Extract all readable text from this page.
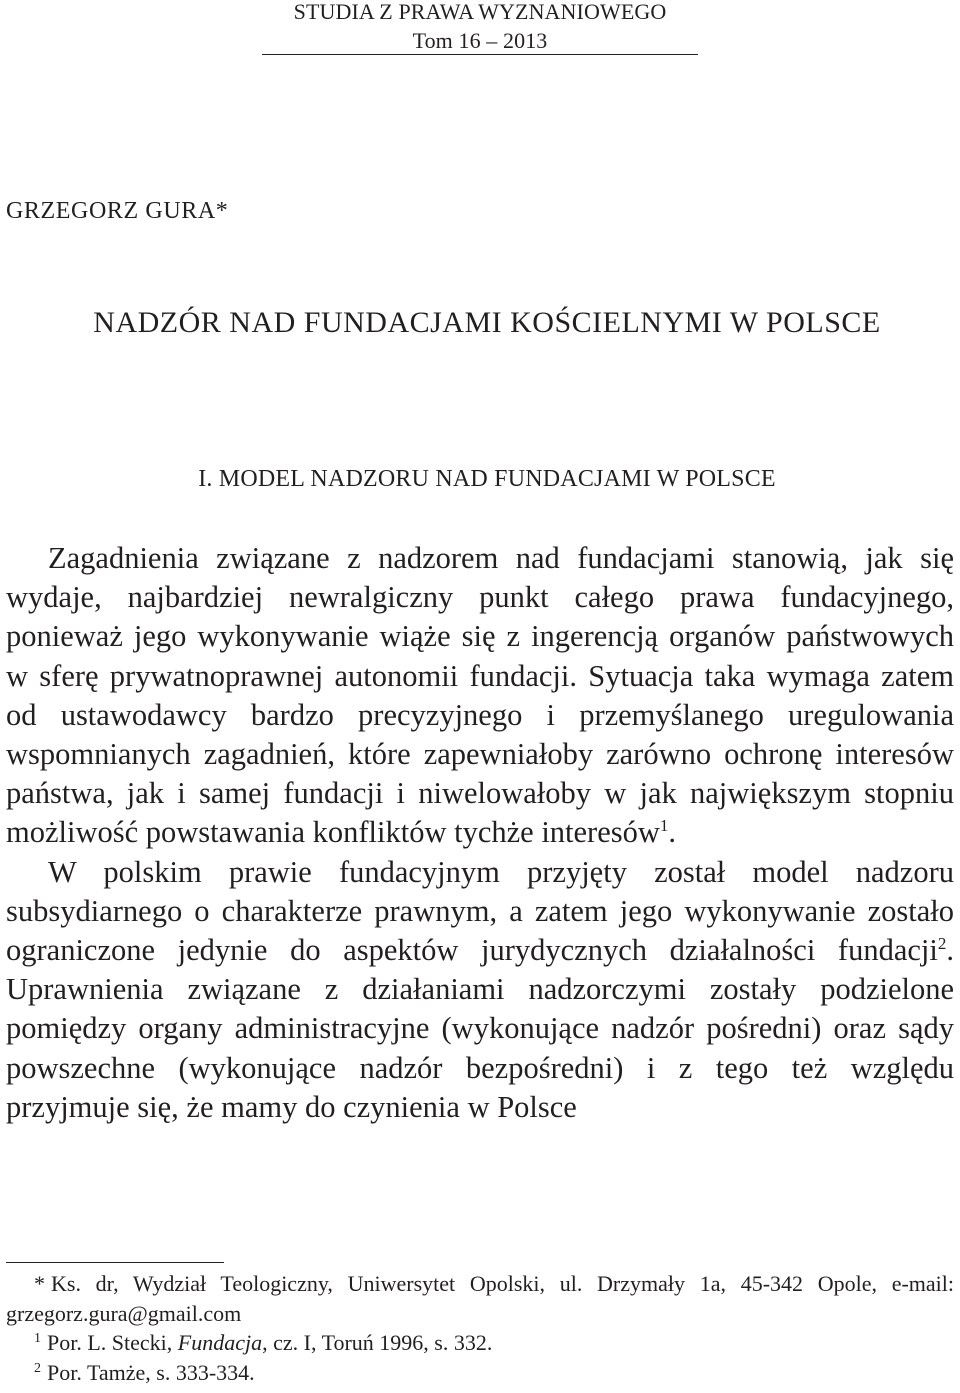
STUDIA Z PRAWA WYZNANIOWEGO
Tom 16 – 2013
GRZEGORZ GURA*
NADZÓR NAD FUNDACJAMI KOŚCIELNYMI W POLSCE
I. MODEL NADZORU NAD FUNDACJAMI W POLSCE

Zagadnienia związane z nadzorem nad fundacjami stanowią, jak się wydaje, najbardziej newralgiczny punkt całego prawa fundacyjnego, ponieważ jego wykonywanie wiąże się z ingerencją organów państwowych w sferę prywatnoprawnej autonomii fundacji. Sytuacja taka wymaga zatem od ustawodawcy bardzo precyzyjnego i przemyślanego uregulowania wspomnianych zagadnień, które zapewniałoby zarówno ochronę interesów państwa, jak i samej fundacji i niwelowałoby w jak największym stopniu możliwość powstawania konfliktów tychże interesów$^1$.

W polskim prawie fundacyjnym przyjęty został model nadzoru subsydiarnego o charakterze prawnym, a zatem jego wykonywanie zostało ograniczone jedynie do aspektów jurydycznych działalności fundacji$^2$. Uprawnienia związane z działaniami nadzorczymi zostały podzielone pomiędzy organy administracyjne (wykonujące nadzór pośredni) oraz sądy powszechne (wykonujące nadzór bezpośredni) i z tego też względu przyjmuje się, że mamy do czynienia w Polsce

* Ks. dr, Wydział Teologiczny, Uniwersytet Opolski, ul. Drzymały 1a, 45-342 Opole, e-mail: grzegorz.gura@gmail.com

$^1$ Por. L. Stecki, Fundacja, cz. I, Toruń 1996, s. 332.

$^2$ Por. Tamże, s. 333-334.
